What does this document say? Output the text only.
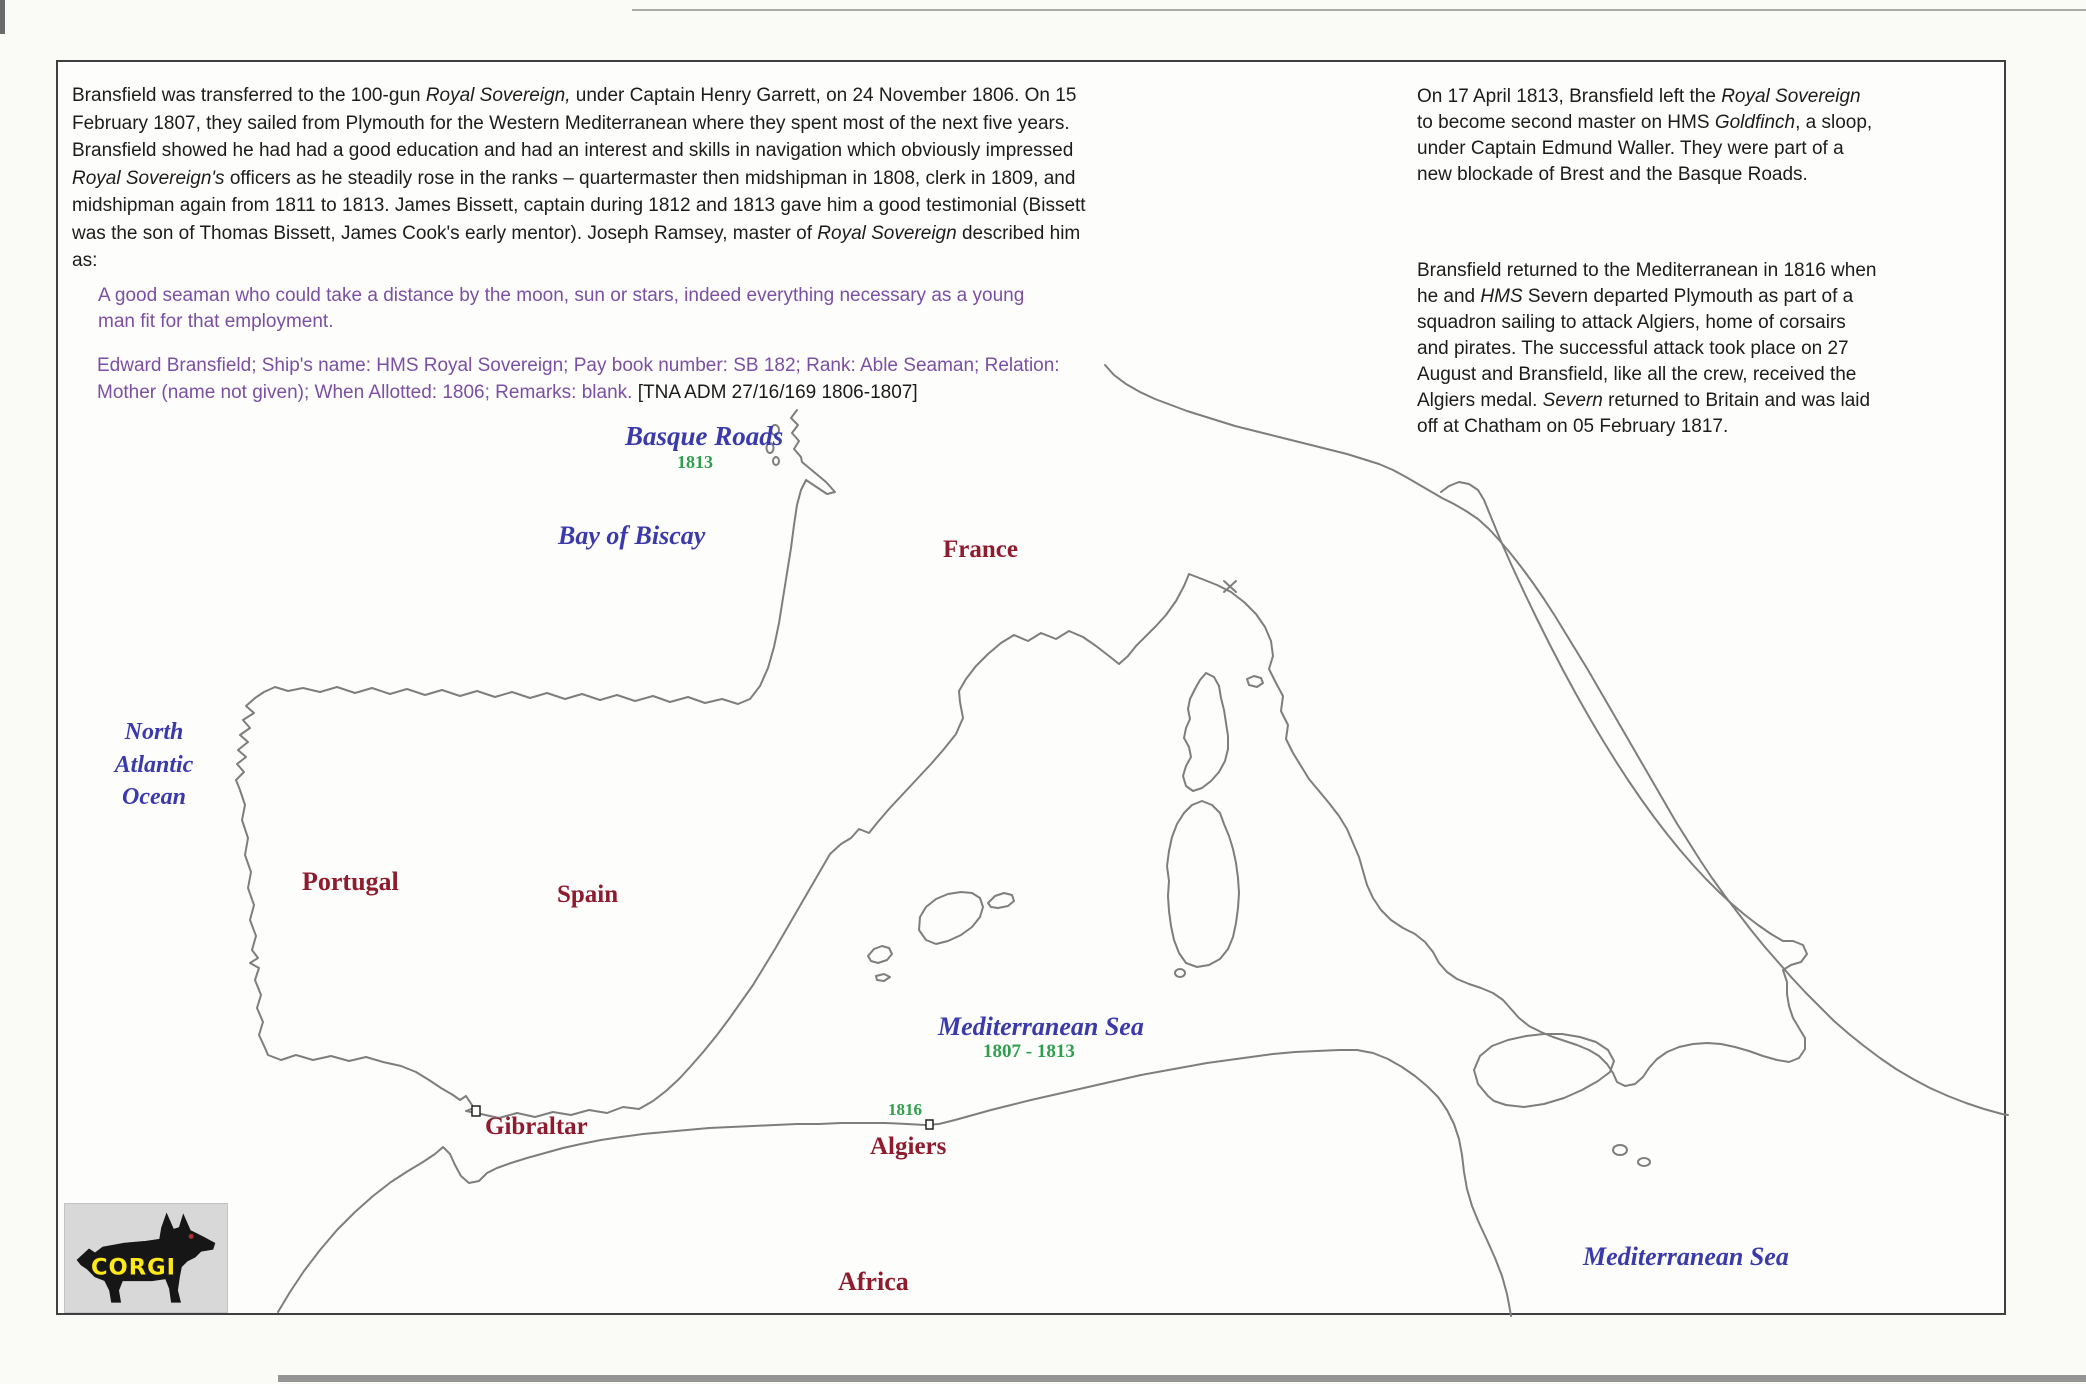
Bransfield was transferred to the 100-gun Royal Sovereign, under Captain Henry Garrett, on 24 November 1806. On 15
February 1807, they sailed from Plymouth for the Western Mediterranean where they spent most of the next five years.
Bransfield showed he had had a good education and had an interest and skills in navigation which obviously impressed
Royal Sovereign's officers as he steadily rose in the ranks – quartermaster then midshipman in 1808, clerk in 1809, and
midshipman again from 1811 to 1813. James Bissett, captain during 1812 and 1813 gave him a good testimonial (Bissett
was the son of Thomas Bissett, James Cook's early mentor). Joseph Ramsey, master of Royal Sovereign described him
as:
A good seaman who could take a distance by the moon, sun or stars, indeed everything necessary as a young
man fit for that employment.
Edward Bransfield; Ship's name: HMS Royal Sovereign; Pay book number: SB 182; Rank: Able Seaman; Relation:
Mother (name not given); When Allotted: 1806; Remarks: blank. [TNA ADM 27/16/169 1806-1807]
On 17 April 1813, Bransfield left the Royal Sovereign
to become second master on HMS Goldfinch, a sloop,
under Captain Edmund Waller. They were part of a
new blockade of Brest and the Basque Roads.
Bransfield returned to the Mediterranean in 1816 when
he and HMS Severn departed Plymouth as part of a
squadron sailing to attack Algiers, home of corsairs
and pirates. The successful attack took place on 27
August and Bransfield, like all the crew, received the
Algiers medal. Severn returned to Britain and was laid
off at Chatham on 05 February 1817.
Basque Roads
1813
Bay of Biscay	France
North
Atlantic
Ocean
Portugal	Spain
Mediterranean Sea
1807 - 1813
Gibraltar
1816
Algiers
Africa
Mediterranean Sea
CORGI
